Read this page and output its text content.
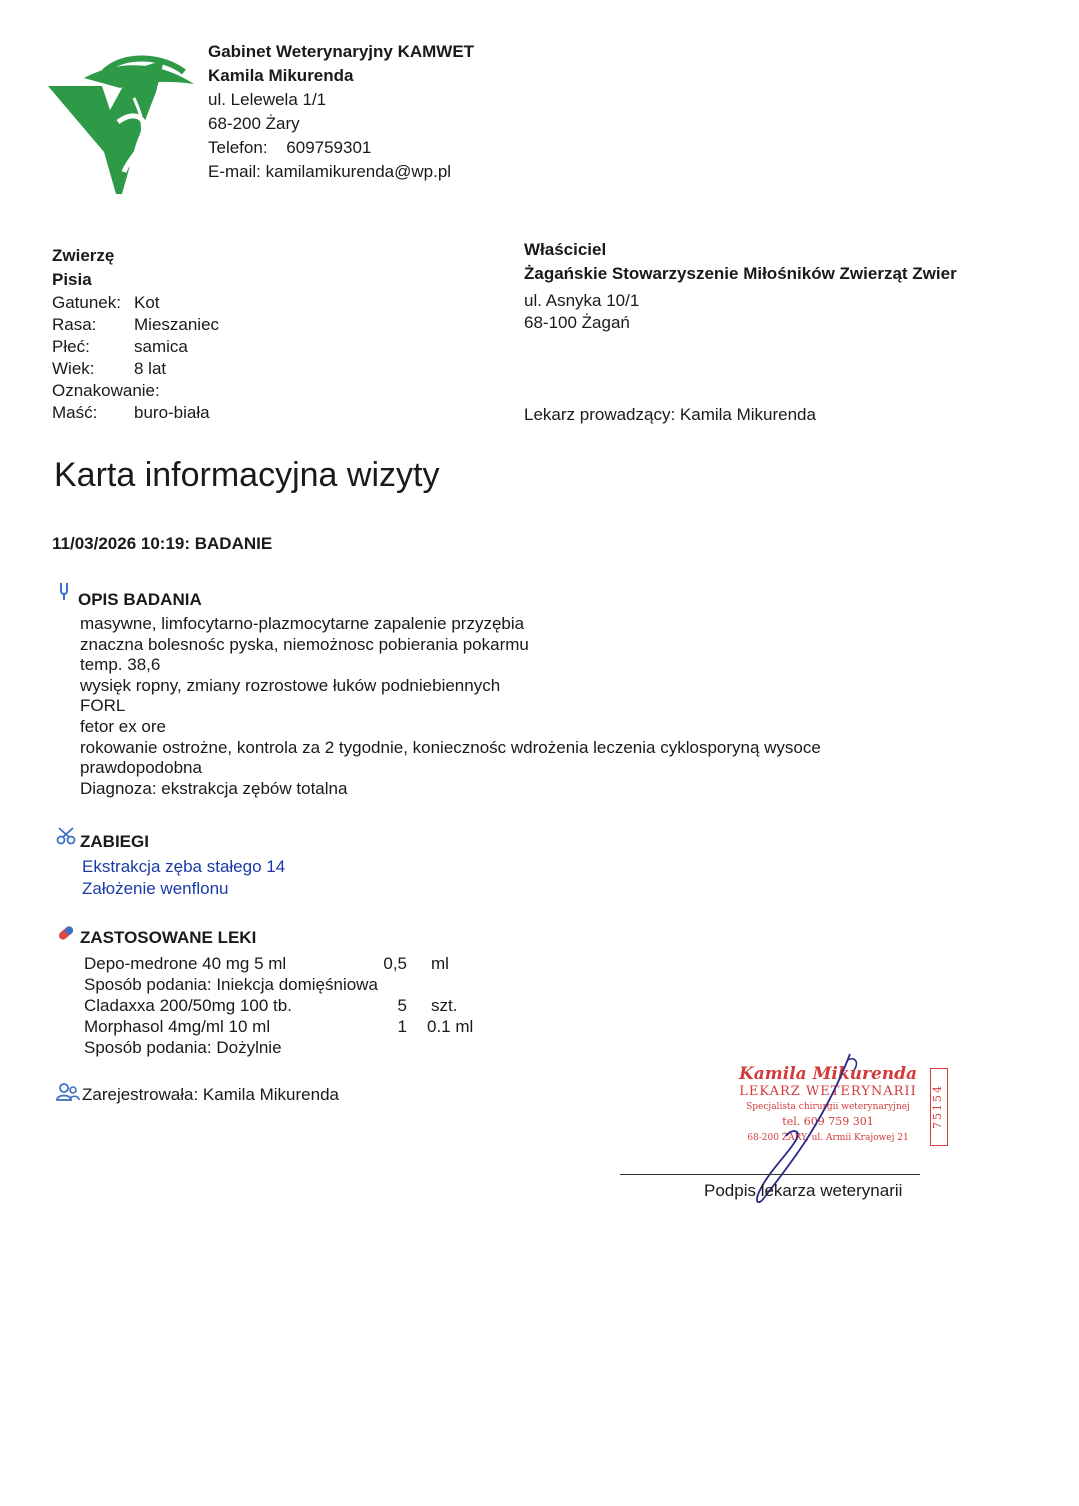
Gabinet Weterynaryjny KAMWET
Kamila Mikurenda
ul. Lelewela 1/1
68-200 Żary
Telefon: 609759301
E-mail: kamilamikurenda@wp.pl
Zwierzę
Pisia
Gatunek: Kot
Rasa: Mieszaniec
Płeć:	samica
Wiek: 8 lat
Oznakowanie:
Maść: buro-biała
Właściciel
Żagańskie Stowarzyszenie Miłośników Zwierząt Zwier
ul. Asnyka 10/1
68-100 Żagań
Lekarz prowadzący: Kamila Mikurenda
Karta informacyjna wizyty
11/03/2026 10:19: BADANIE
OPIS BADANIA
masywne, limfocytarno-plazmocytarne zapalenie przyzębia
znaczna bolesnośc pyska, niemożnosc pobierania pokarmu
temp. 38,6
wysięk ropny, zmiany rozrostowe łuków podniebiennych
FORL
fetor ex ore
rokowanie ostrożne, kontrola za 2 tygodnie, koniecznośc wdrożenia leczenia cyklosporyną wysoce
prawdopodobna
Diagnoza: ekstrakcja zębów totalna
ZABIEGI
Ekstrakcja zęba stałego 14
Założenie wenflonu
ZASTOSOWANE LEKI
Depo-medrone 40 mg 5 ml	0,5 ml
Sposób podania: Iniekcja domięśniowa
Cladaxxa 200/50mg 100 tb.	5 szt.
Morphasol 4mg/ml 10 ml	1 0.1 ml
Sposób podania: Dożylnie
Zarejestrowała: Kamila Mikurenda
Kamila Mikurenda
LEKARZ WETERYNARII
Specjalista chirurgii weterynaryjnej
tel. 609 759 301
68-200 ŻARY, ul. Armii Krajowej 21
75154
Podpis lekarza weterynarii
